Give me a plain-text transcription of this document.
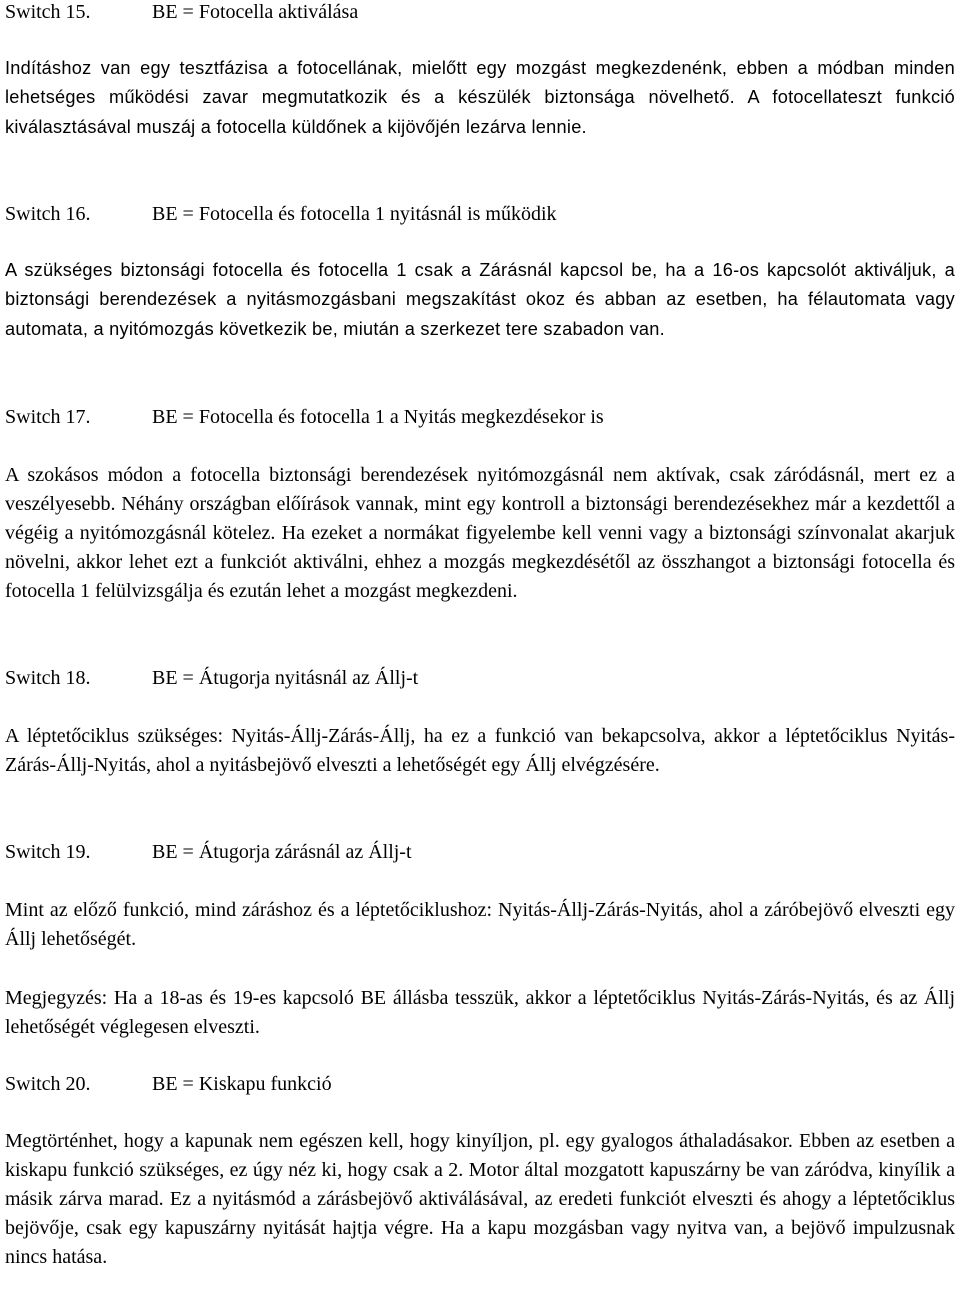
Switch 15.	BE = Fotocella aktiválása

Indításhoz van egy tesztfázisa a fotocellának, mielőtt egy mozgást megkezdenénk, ebben a módban minden lehetséges működési zavar megmutatkozik és a készülék biztonsága növelhető. A fotocellateszt funkció kiválasztásával muszáj a fotocella küldőnek a kijövőjén lezárva lennie.

Switch 16.	BE = Fotocella és fotocella 1 nyitásnál is működik

A szükséges biztonsági fotocella és fotocella 1 csak a Zárásnál kapcsol be, ha a 16-os kapcsolót aktiváljuk, a biztonsági berendezések a nyitásmozgásbani megszakítást okoz és abban az esetben, ha félautomata vagy automata, a nyitómozgás következik be, miután a szerkezet tere szabadon van.

Switch 17.	BE = Fotocella és fotocella 1 a Nyitás megkezdésekor is

A szokásos módon a fotocella biztonsági berendezések nyitómozgásnál nem aktívak, csak záródásnál, mert ez a veszélyesebb. Néhány országban előírások vannak, mint egy kontroll a biztonsági berendezésekhez már a kezdettől a végéig a nyitómozgásnál kötelez. Ha ezeket a normákat figyelembe kell venni vagy a biztonsági színvonalat akarjuk növelni, akkor lehet ezt a funkciót aktiválni, ehhez a mozgás megkezdésétől az összhangot a biztonsági fotocella és fotocella 1 felülvizsgálja és ezután lehet a mozgást megkezdeni.

Switch 18.	BE = Átugorja nyitásnál az Állj-t

A léptetőciklus szükséges: Nyitás-Állj-Zárás-Állj, ha ez a funkció van bekapcsolva, akkor a léptetőciklus Nyitás-Zárás-Állj-Nyitás, ahol a nyitásbejövő elveszti a lehetőségét egy Állj elvégzésére.

Switch 19.	BE = Átugorja zárásnál az Állj-t

Mint az előző funkció, mind záráshoz és a léptetőciklushoz: Nyitás-Állj-Zárás-Nyitás, ahol a záróbejövő elveszti egy Állj lehetőségét.

Megjegyzés: Ha a 18-as és 19-es kapcsoló BE állásba tesszük, akkor a léptetőciklus Nyitás-Zárás-Nyitás, és az Állj lehetőségét véglegesen elveszti.

Switch 20.	BE = Kiskapu funkció

Megtörténhet, hogy a kapunak nem egészen kell, hogy kinyíljon, pl. egy gyalogos áthaladásakor. Ebben az esetben a kiskapu funkció szükséges, ez úgy néz ki, hogy csak a 2. Motor által mozgatott kapuszárny be van záródva, kinyílik a másik zárva marad. Ez a nyitásmód a zárásbejövő aktiválásával, az eredeti funkciót elveszti és ahogy a léptetőciklus bejövője, csak egy kapuszárny nyitását hajtja végre. Ha a kapu mozgásban vagy nyitva van, a bejövő impulzusnak nincs hatása.
